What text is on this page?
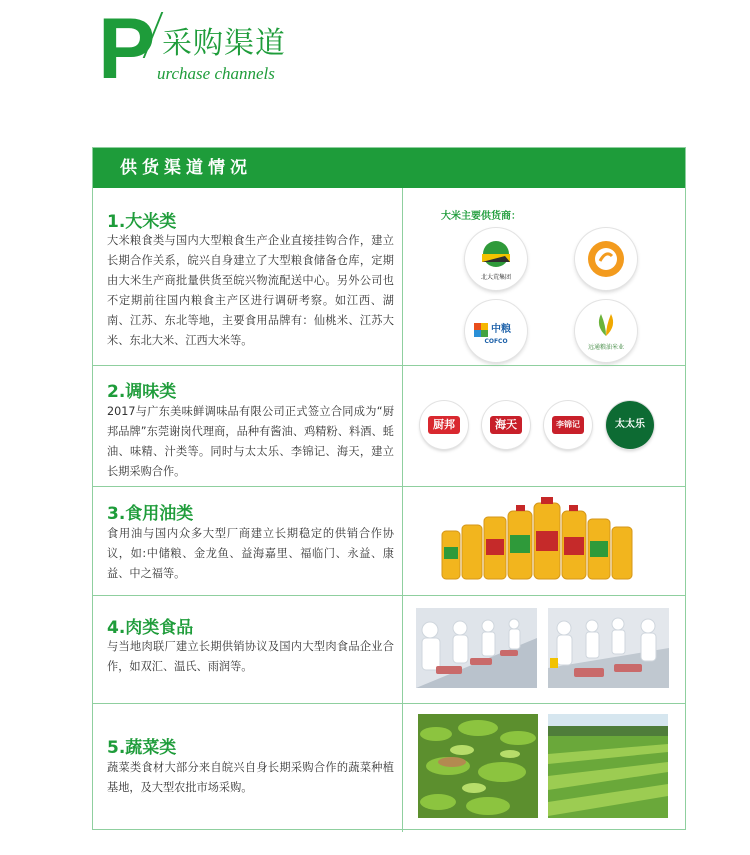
P 采购渠道
urchase channels
供货渠道情况
1.大米类
大米粮食类与国内大型粮食生产企业直接挂钩合作，建立长期合作关系，皖兴自身建立了大型粮食储备仓库，定期由大米生产商批量供货至皖兴物流配送中心。另外公司也不定期前往国内粮食主产区进行调研考察。如江西、湖南、江苏、东北等地，主要食用品牌有：仙桃米、江苏大米、东北大米、江西大米等。
大米主要供货商：
北大荒集团
中粮
COFCO
远通粮油米业
2.调味类
2017与广东美味鲜调味品有限公司正式签立合同成为“厨邦品牌”东莞谢岗代理商，品种有酱油、鸡精粉、料酒、蚝油、味精、汁类等。同时与太太乐、李锦记、海天，建立长期采购合作。
厨邦	海天	李锦记	太太乐
3.食用油类
食用油与国内众多大型厂商建立长期稳定的供销合作协议，如:中储粮、金龙鱼、益海嘉里、福临门、永益、康益、中之福等。
4.肉类食品
与当地肉联厂建立长期供销协议及国内大型肉食品企业合作，如双汇、温氏、雨润等。
5.蔬菜类
蔬菜类食材大部分来自皖兴自身长期采购合作的蔬菜种植基地，及大型农批市场采购。
